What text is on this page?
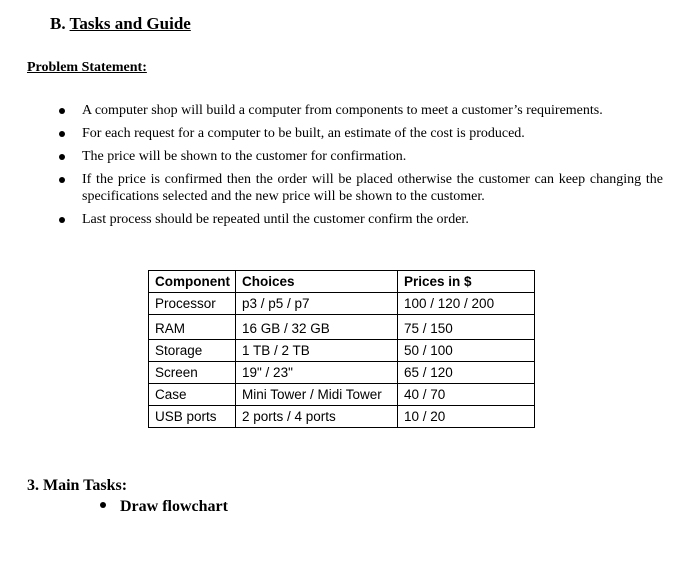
B. Tasks and Guide
Problem Statement:
A computer shop will build a computer from components to meet a customer’s requirements.
For each request for a computer to be built, an estimate of the cost is produced.
The price will be shown to the customer for confirmation.
If the price is confirmed then the order will be placed otherwise the customer can keep changing the specifications selected and the new price will be shown to the customer.
Last process should be repeated until the customer confirm the order.
Component	Choices	Prices in $
Processor	p3 / p5 / p7	100 / 120 / 200
RAM	16 GB / 32 GB	75 / 150
Storage	1 TB / 2 TB	50 / 100
Screen	19" / 23"	65 / 120
Case	Mini Tower / Midi Tower	40 / 70
USB ports	2 ports / 4 ports	10 / 20
3. Main Tasks:
Draw flowchart
